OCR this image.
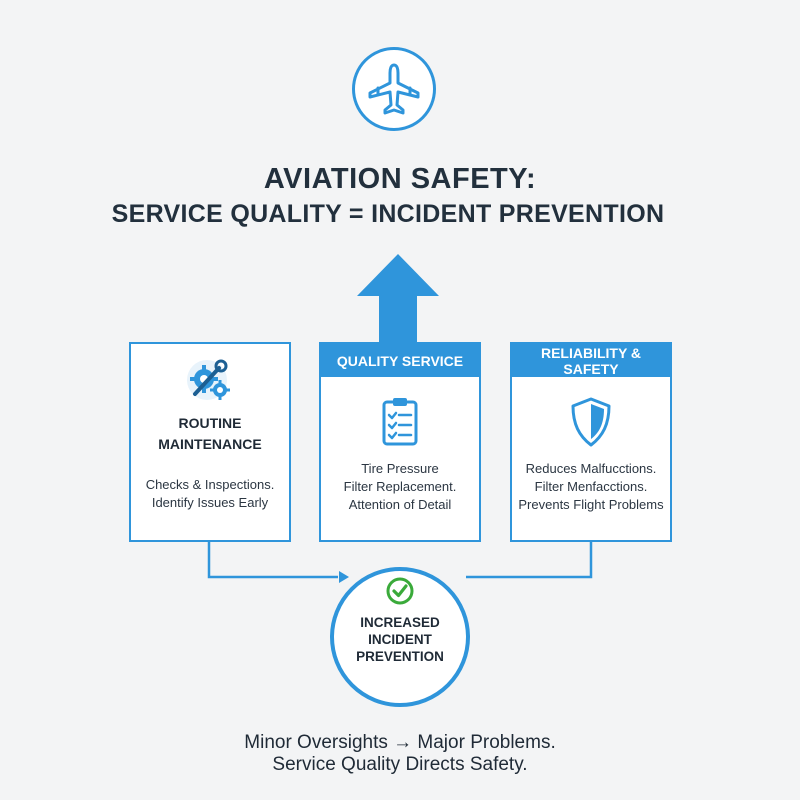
AVIATION SAFETY:
SERVICE QUALITY = INCIDENT PREVENTION
ROUTINE
MAINTENANCE
Checks & Inspections.
Identify Issues Early
QUALITY SERVICE
Tire Pressure
Filter Replacement.
Attention of Detail
RELIABILITY & SAFETY
Reduces Malfucctions.
Filter Menfacctions.
Prevents Flight Problems
INCREASED
INCIDENT
PREVENTION
Minor Oversights → Major Problems.
Service Quality Directs Safety.
